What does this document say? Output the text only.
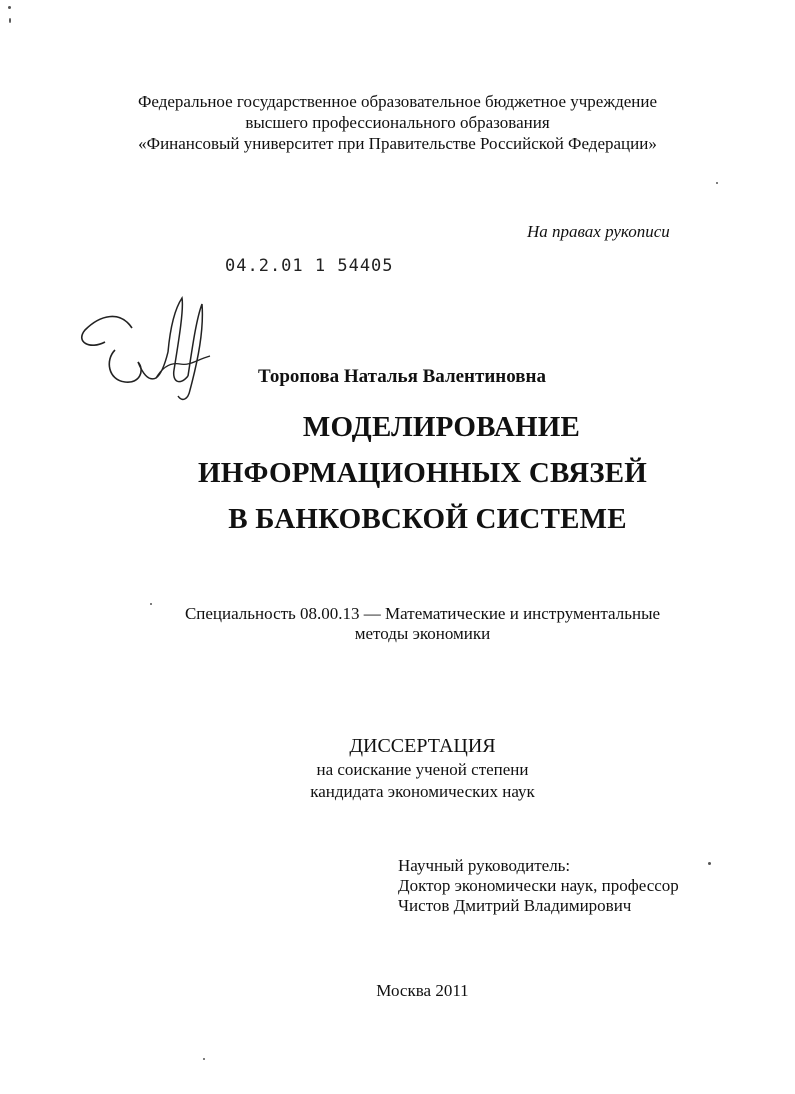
Федеральное государственное образовательное бюджетное учреждение
высшего профессионального образования
«Финансовый университет при Правительстве Российской Федерации»
На правах рукописи
04.2.01 1 54405
Торопова Наталья Валентиновна
МОДЕЛИРОВАНИЕ
ИНФОРМАЦИОННЫХ СВЯЗЕЙ
В БАНКОВСКОЙ СИСТЕМЕ
Специальность 08.00.13 — Математические и инструментальные
методы экономики
ДИССЕРТАЦИЯ
на соискание ученой степени
кандидата экономических наук
Научный руководитель:
Доктор экономически наук, профессор
Чистов Дмитрий Владимирович
Москва 2011
